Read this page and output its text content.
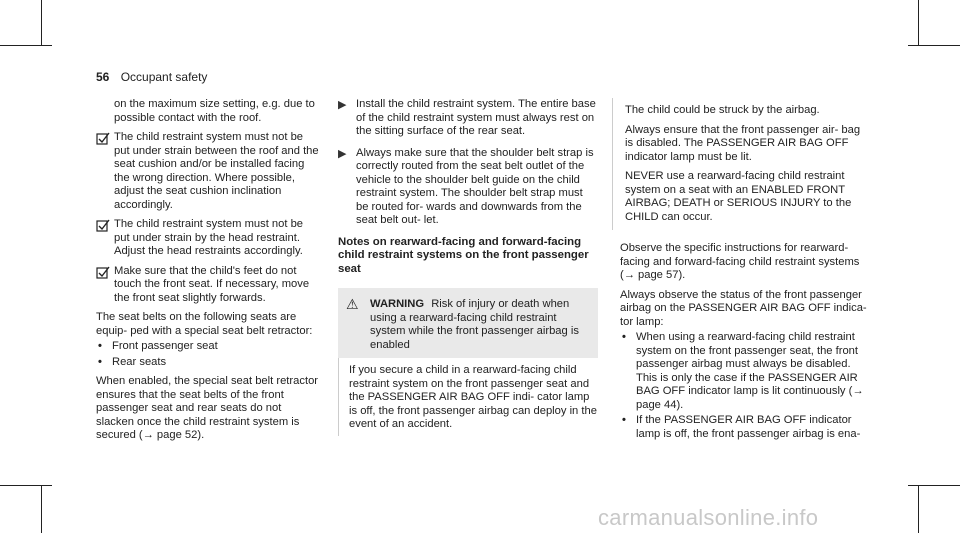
56 Occupant safety

on the maximum size setting, e.g. due to possible contact with the roof.

The child restraint system must not be put under strain between the roof and the seat cushion and/or be installed facing the wrong direction. Where possible, adjust the seat cushion inclination accordingly.
The child restraint system must not be put under strain by the head restraint. Adjust the head restraints accordingly.
Make sure that the child's feet do not touch the front seat. If necessary, move the front seat slightly forwards.

The seat belts on the following seats are equip- ped with a special seat belt retractor:

• Front passenger seat
• Rear seats

When enabled, the special seat belt retractor ensures that the seat belts of the front passenger seat and rear seats do not slacken once the child restraint system is secured (→ page 52).

▶ Install the child restraint system. The entire base of the child restraint system must always rest on the sitting surface of the rear seat.
▶ Always make sure that the shoulder belt strap is correctly routed from the seat belt outlet of the vehicle to the shoulder belt guide on the child restraint system. The shoulder belt strap must be routed for- wards and downwards from the seat belt out- let.
Notes on rearward-facing and forward-facing child restraint systems on the front passenger seat
⚠	WARNING Risk of injury or death when using a rearward-facing child restraint system while the front passenger airbag is enabled
If you secure a child in a rearward-facing child restraint system on the front passenger seat and the PASSENGER AIR BAG OFF indi- cator lamp is off, the front passenger airbag can deploy in the event of an accident.

The child could be struck by the airbag.

Always ensure that the front passenger air- bag is disabled. The PASSENGER AIR BAG OFF indicator lamp must be lit.

NEVER use a rearward-facing child restraint system on a seat with an ENABLED FRONT AIRBAG; DEATH or SERIOUS INJURY to the CHILD can occur.

Observe the specific instructions for rearward- facing and forward-facing child restraint systems (→ page 57).

Always observe the status of the front passenger airbag on the PASSENGER AIR BAG OFF indica- tor lamp:

• When using a rearward-facing child restraint system on the front passenger seat, the front passenger airbag must always be disabled. This is only the case if the PASSENGER AIR BAG OFF indicator lamp is lit continuously (→ page 44).
• If the PASSENGER AIR BAG OFF indicator lamp is off, the front passenger airbag is ena-
carmanualsonline.info
